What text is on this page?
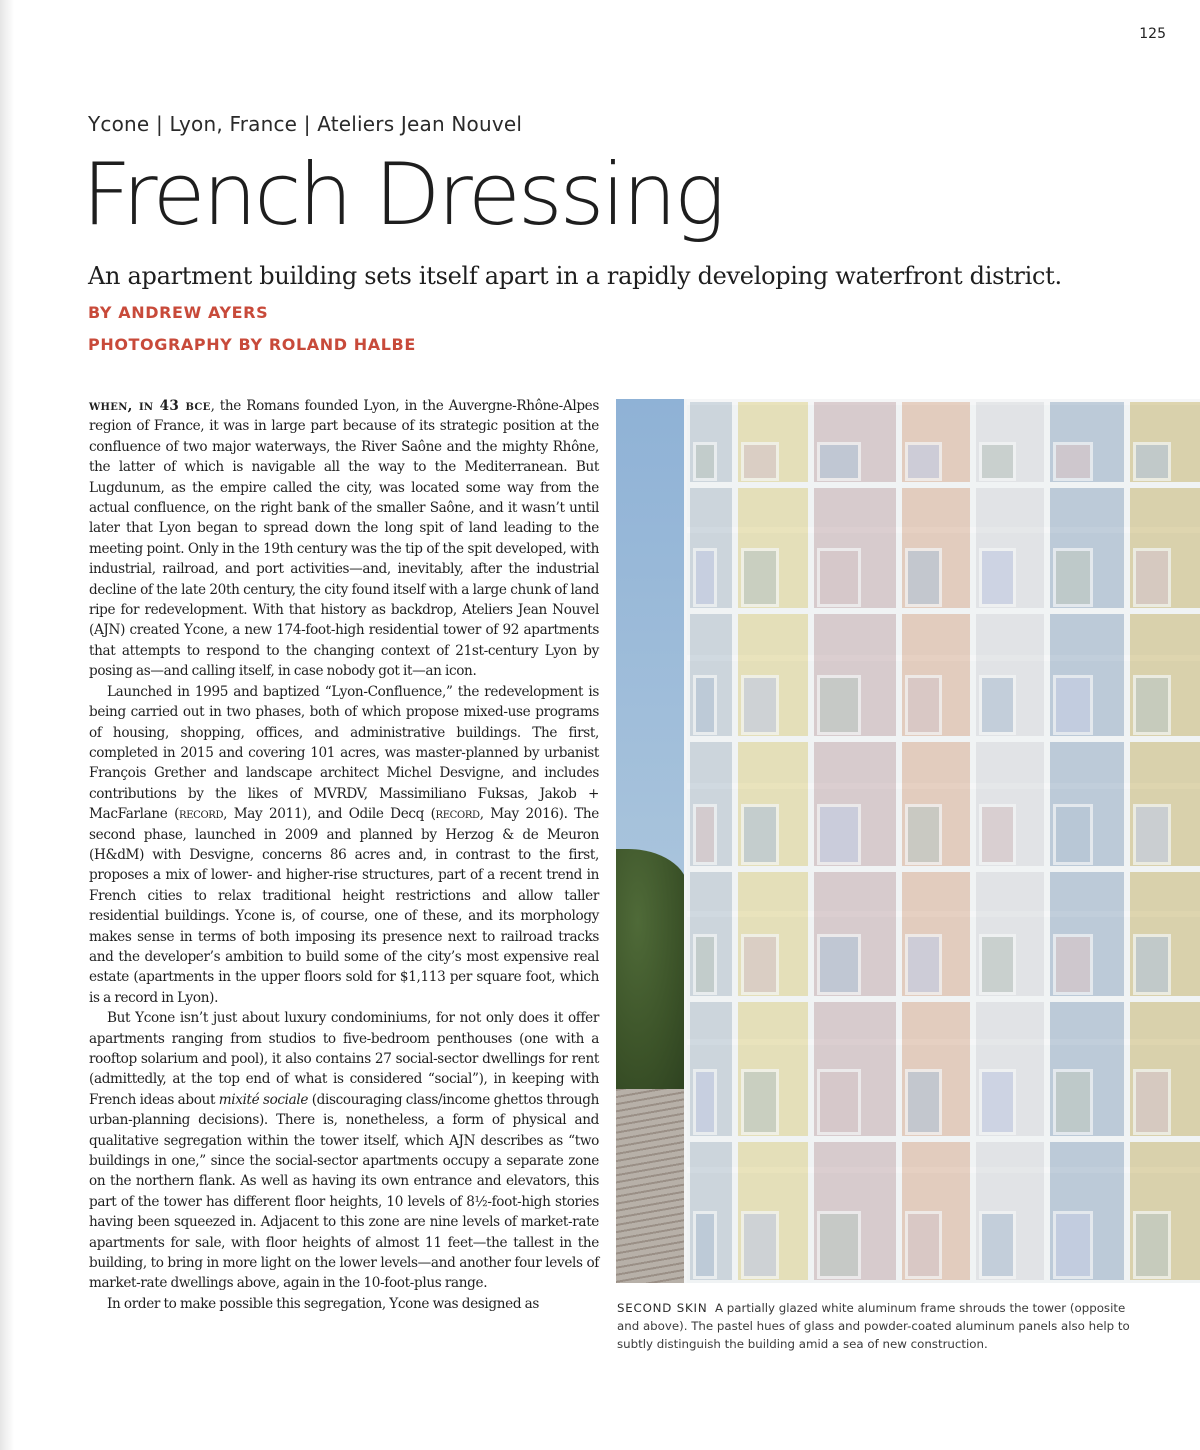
125
Ycone | Lyon, France | Ateliers Jean Nouvel
French Dressing

An apartment building sets itself apart in a rapidly developing waterfront district.

BY ANDREW AYERS
PHOTOGRAPHY BY ROLAND HALBE

when, in 43 bce, the Romans founded Lyon, in the Auvergne-Rhône-Alpes region of France, it was in large part because of its strategic position at the confluence of two major waterways, the River Saône and the mighty Rhône, the latter of which is navigable all the way to the Mediterranean. But Lugdunum, as the empire called the city, was located some way from the actual confluence, on the right bank of the smaller Saône, and it wasn’t until later that Lyon began to spread down the long spit of land leading to the meeting point. Only in the 19th century was the tip of the spit developed, with industrial, railroad, and port activities—and, inevitably, after the industrial decline of the late 20th century, the city found itself with a large chunk of land ripe for redevelopment. With that history as backdrop, Ateliers Jean Nouvel (AJN) created Ycone, a new 174-foot-high residential tower of 92 apartments that attempts to respond to the changing context of 21st-century Lyon by posing as—and calling itself, in case nobody got it—an icon.

Launched in 1995 and baptized “Lyon-Confluence,” the redevelopment is being carried out in two phases, both of which propose mixed-use programs of housing, shopping, offices, and administrative buildings. The first, completed in 2015 and covering 101 acres, was master-planned by urbanist François Grether and landscape architect Michel Desvigne, and includes contributions by the likes of MVRDV, Massimiliano Fuksas, Jakob + MacFarlane (record, May 2011), and Odile Decq (record, May 2016). The second phase, launched in 2009 and planned by Herzog & de Meuron (H&dM) with Desvigne, concerns 86 acres and, in contrast to the first, proposes a mix of lower- and higher-rise structures, part of a recent trend in French cities to relax traditional height restrictions and allow taller residential buildings. Ycone is, of course, one of these, and its morphology makes sense in terms of both imposing its presence next to railroad tracks and the developer’s ambition to build some of the city’s most expensive real estate (apartments in the upper floors sold for $1,113 per square foot, which is a record in Lyon).

But Ycone isn’t just about luxury condominiums, for not only does it offer apartments ranging from studios to five-bedroom penthouses (one with a rooftop solarium and pool), it also contains 27 social-sector dwellings for rent (admittedly, at the top end of what is considered “social”), in keeping with French ideas about mixité sociale (discouraging class/income ghettos through urban-planning decisions). There is, nonetheless, a form of physical and qualitative segregation within the tower itself, which AJN describes as “two buildings in one,” since the social-sector apartments occupy a separate zone on the northern flank. As well as having its own entrance and elevators, this part of the tower has different floor heights, 10 levels of 8½-foot-high stories having been squeezed in. Adjacent to this zone are nine levels of market-rate apartments for sale, with floor heights of almost 11 feet—the tallest in the building, to bring in more light on the lower levels—and another four levels of market-rate dwellings above, again in the 10-foot-plus range.

In order to make possible this segregation, Ycone was designed as	SECOND SKIN A partially glazed white aluminum frame shrouds the tower (opposite and above). The pastel hues of glass and powder-coated aluminum panels also help to subtly distinguish the building amid a sea of new construction.
